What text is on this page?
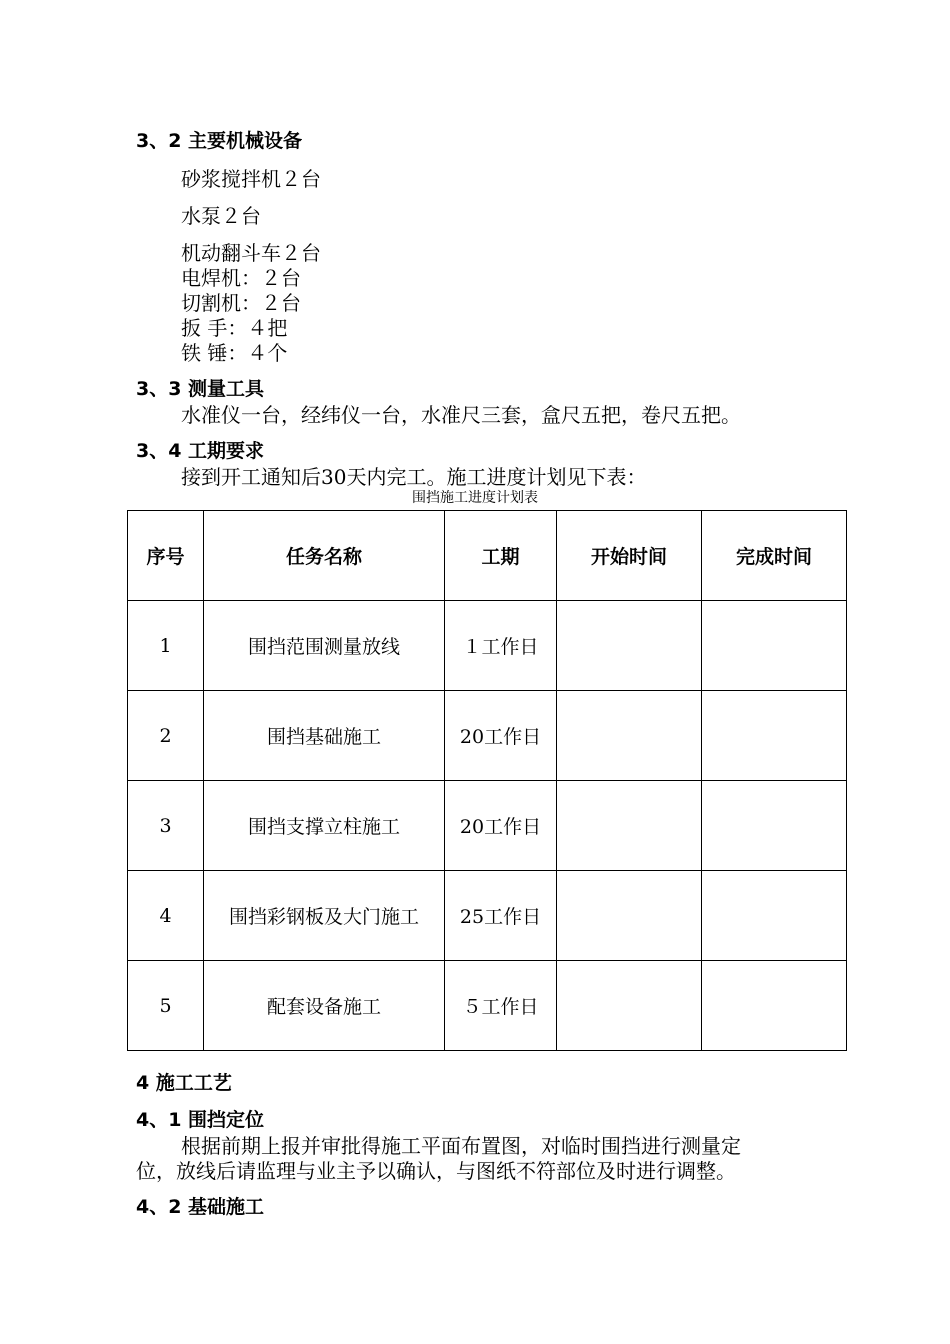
3、2 主要机械设备
砂浆搅拌机２台
水泵２台
机动翻斗车２台
电焊机：２台
切割机：２台
扳 手：４把
铁 锤：４个
3、3 测量工具
水准仪一台，经纬仪一台，水准尺三套，盒尺五把，卷尺五把。
3、4 工期要求
接到开工通知后30天内完工。施工进度计划见下表：
围挡施工进度计划表
序号	任务名称	工期	开始时间	完成时间
1	围挡范围测量放线	１工作日		
2	围挡基础施工	20工作日		
3	围挡支撑立柱施工	20工作日		
4	围挡彩钢板及大门施工	25工作日		
5	配套设备施工	５工作日		
4 施工工艺
4、1 围挡定位
根据前期上报并审批得施工平面布置图，对临时围挡进行测量定
位，放线后请监理与业主予以确认，与图纸不符部位及时进行调整。
4、2 基础施工
